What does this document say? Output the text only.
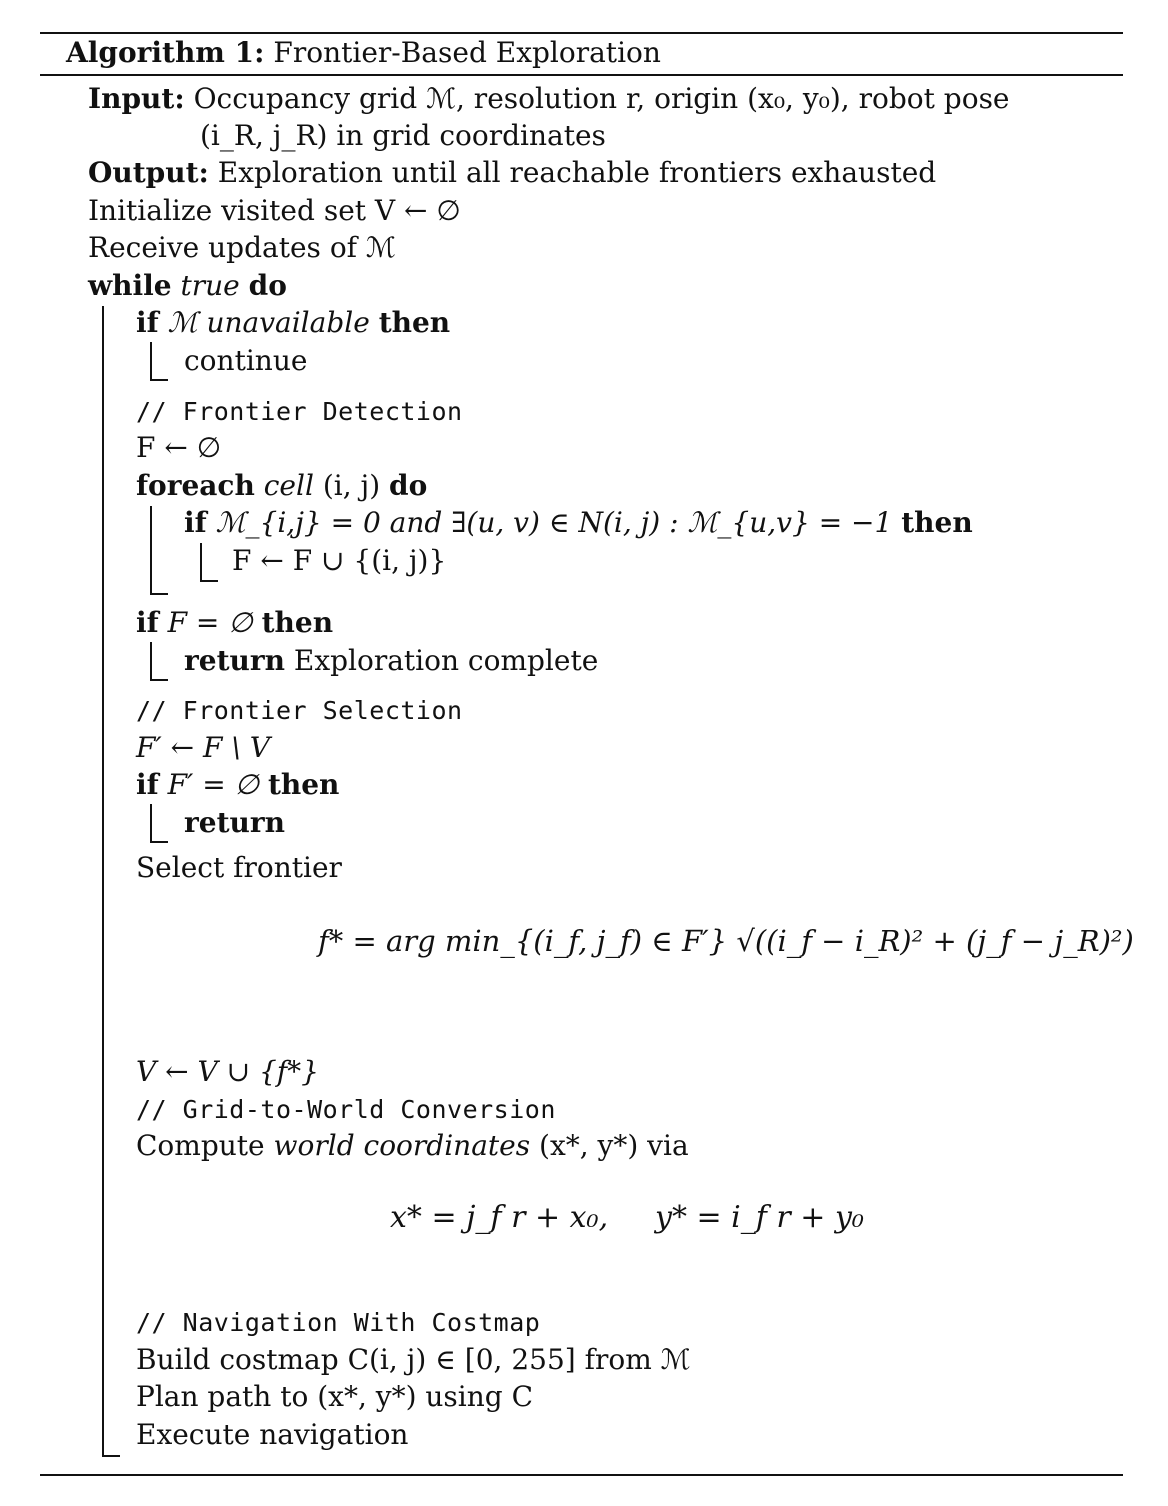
Algorithm 1: Frontier-Based Exploration
Input: Occupancy grid ℳ, resolution r, origin (x₀, y₀), robot pose
(i_R, j_R) in grid coordinates
Output: Exploration until all reachable frontiers exhausted
Initialize visited set V ← ∅
Receive updates of ℳ
while true do
if ℳ unavailable then
continue
// Frontier Detection
F ← ∅
foreach cell (i, j) do
if ℳ_{i,j} = 0 and ∃(u, v) ∈ N(i, j) : ℳ_{u,v} = −1 then
F ← F ∪ {(i, j)}
if F = ∅ then
return Exploration complete
// Frontier Selection
F′ ← F \ V
if F′ = ∅ then
return
Select frontier
f* = arg min_{(i_f, j_f) ∈ F′} √((i_f − i_R)² + (j_f − j_R)²)
V ← V ∪ {f*}
// Grid-to-World Conversion
Compute world coordinates (x*, y*) via
x* = j_f r + x₀, y* = i_f r + y₀
// Navigation With Costmap
Build costmap C(i, j) ∈ [0, 255] from ℳ
Plan path to (x*, y*) using C
Execute navigation
